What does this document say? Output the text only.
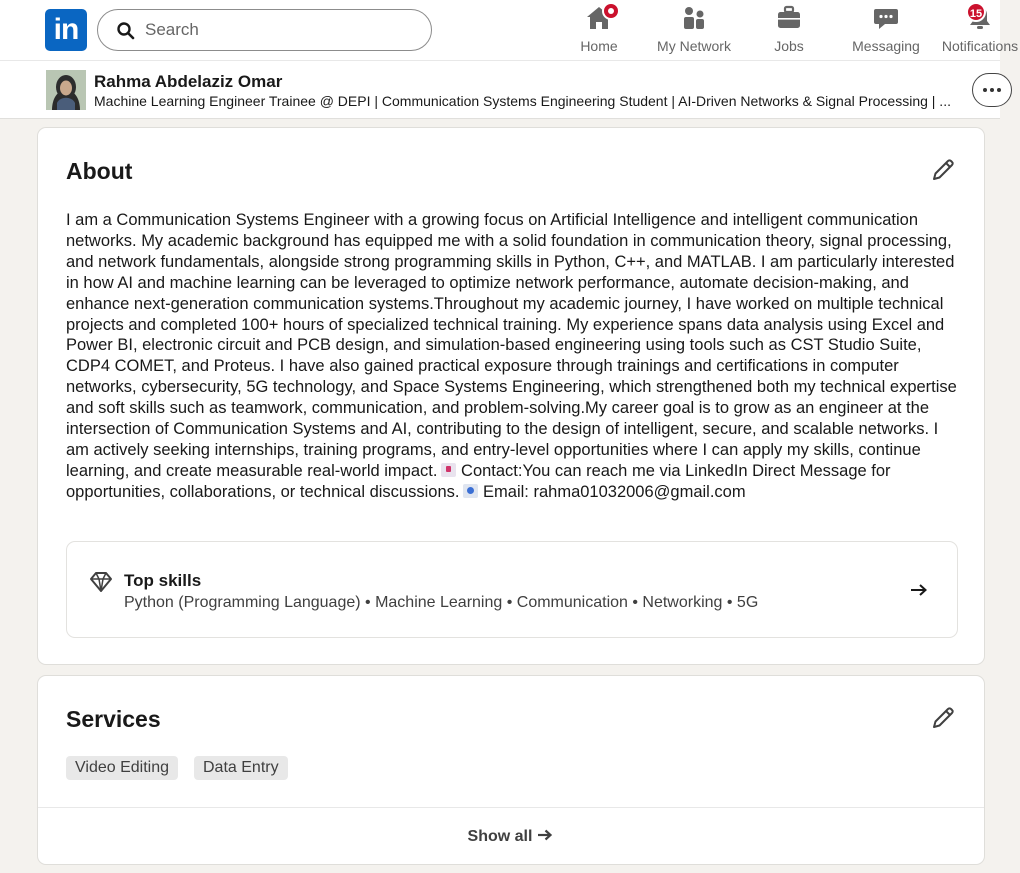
in
Search	Home	My Network	Jobs	Messaging	Notifications
15
Rahma Abdelaziz Omar
Machine Learning Engineer Trainee @ DEPI | Communication Systems Engineering Student | AI-Driven Networks & Signal Processing | ...
About
I am a Communication Systems Engineer with a growing focus on Artificial Intelligence and intelligent communication networks. My academic background has equipped me with a solid foundation in communication theory, signal processing, and network fundamentals, alongside strong programming skills in Python, C++, and MATLAB. I am particularly interested in how AI and machine learning can be leveraged to optimize network performance, automate decision-making, and enhance next-generation communication systems.Throughout my academic journey, I have worked on multiple technical projects and completed 100+ hours of specialized technical training. My experience spans data analysis using Excel and Power BI, electronic circuit and PCB design, and simulation-based engineering using tools such as CST Studio Suite, CDP4 COMET, and Proteus. I have also gained practical exposure through trainings and certifications in computer networks, cybersecurity, 5G technology, and Space Systems Engineering, which strengthened both my technical expertise and soft skills such as teamwork, communication, and problem-solving.My career goal is to grow as an engineer at the intersection of Communication Systems and AI, contributing to the design of intelligent, secure, and scalable networks. I am actively seeking internships, training programs, and entry-level opportunities where I can apply my skills, continue learning, and create measurable real-world impact.
Contact:You can reach me via LinkedIn Direct Message for opportunities, collaborations, or technical discussions.
Email: rahma01032006@gmail.com
Top skills
Python (Programming Language) • Machine Learning • Communication • Networking • 5G
Services
Video Editing	Data Entry
Show all
